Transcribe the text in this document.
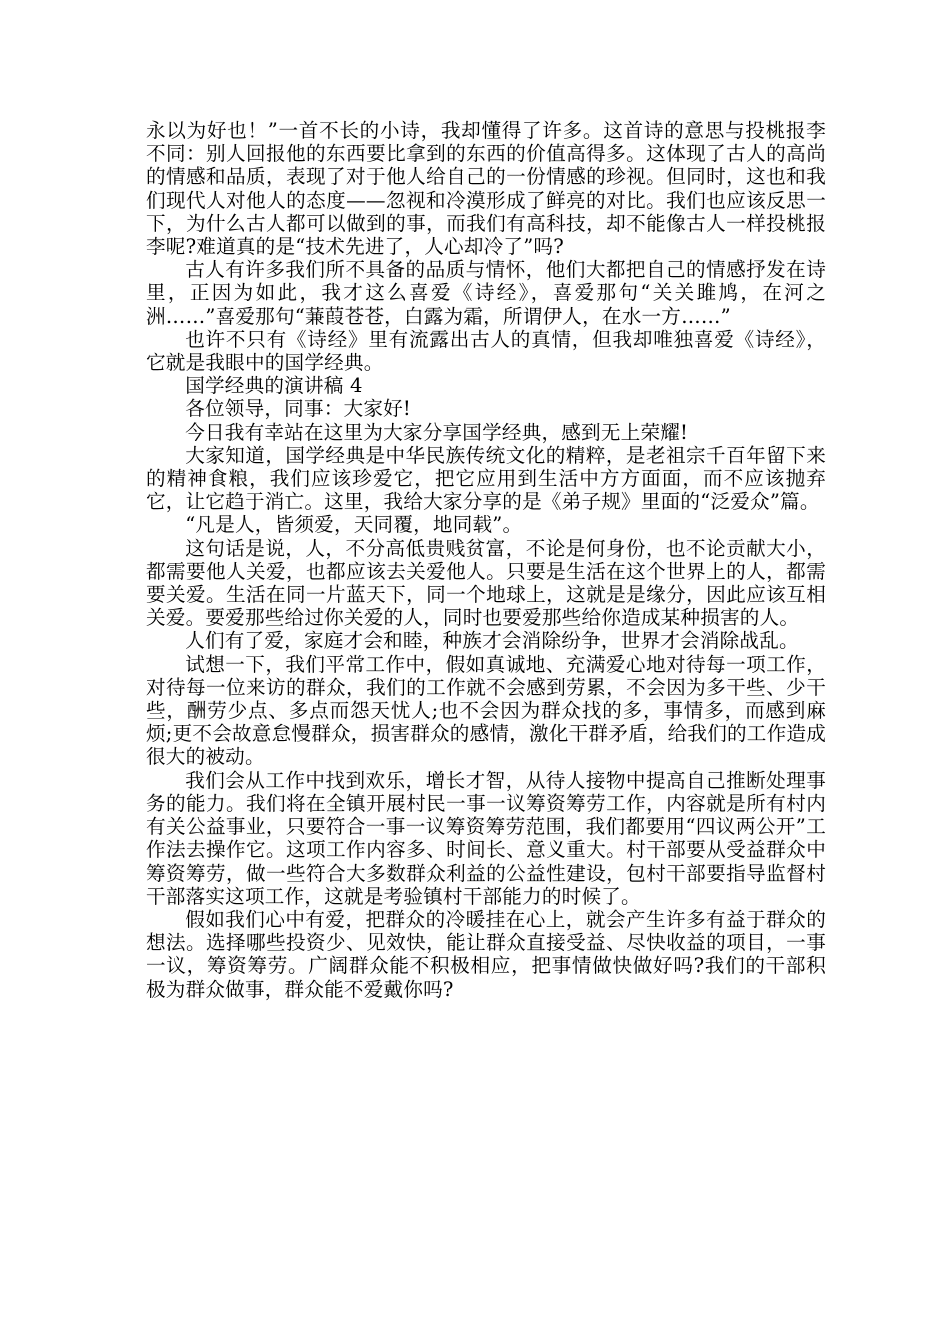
永以为好也！”一首不长的小诗，我却懂得了许多。这首诗的意思与投桃报李不同：别人回报他的东西要比拿到的东西的价值高得多。这体现了古人的高尚的情感和品质，表现了对于他人给自己的一份情感的珍视。但同时，这也和我们现代人对他人的态度——忽视和冷漠形成了鲜亮的对比。我们也应该反思一下，为什么古人都可以做到的事，而我们有高科技，却不能像古人一样投桃报李呢?难道真的是“技术先进了，人心却冷了”吗?

古人有许多我们所不具备的品质与情怀，他们大都把自己的情感抒发在诗里，正因为如此，我才这么喜爱《诗经》，喜爱那句“关关雎鸠，在河之洲……”喜爱那句“蒹葭苍苍，白露为霜，所谓伊人，在水一方……”

也许不只有《诗经》里有流露出古人的真情，但我却唯独喜爱《诗经》，它就是我眼中的国学经典。

国学经典的演讲稿 4

各位领导，同事：大家好!

今日我有幸站在这里为大家分享国学经典，感到无上荣耀!

大家知道，国学经典是中华民族传统文化的精粹，是老祖宗千百年留下来的精神食粮，我们应该珍爱它，把它应用到生活中方方面面，而不应该抛弃它，让它趋于消亡。这里，我给大家分享的是《弟子规》里面的“泛爱众”篇。

“凡是人，皆须爱，天同覆，地同载”。

这句话是说，人，不分高低贵贱贫富，不论是何身份，也不论贡献大小，都需要他人关爱，也都应该去关爱他人。只要是生活在这个世界上的人，都需要关爱。生活在同一片蓝天下，同一个地球上，这就是是缘分，因此应该互相关爱。要爱那些给过你关爱的人，同时也要爱那些给你造成某种损害的人。

人们有了爱，家庭才会和睦，种族才会消除纷争，世界才会消除战乱。

试想一下，我们平常工作中，假如真诚地、充满爱心地对待每一项工作，对待每一位来访的群众，我们的工作就不会感到劳累，不会因为多干些、少干些，酬劳少点、多点而怨天忧人;也不会因为群众找的多，事情多，而感到麻烦;更不会故意怠慢群众，损害群众的感情，激化干群矛盾，给我们的工作造成很大的被动。

我们会从工作中找到欢乐，增长才智，从待人接物中提高自己推断处理事务的能力。我们将在全镇开展村民一事一议筹资筹劳工作，内容就是所有村内有关公益事业，只要符合一事一议筹资筹劳范围，我们都要用“四议两公开”工作法去操作它。这项工作内容多、时间长、意义重大。村干部要从受益群众中筹资筹劳，做一些符合大多数群众利益的公益性建设，包村干部要指导监督村干部落实这项工作，这就是考验镇村干部能力的时候了。

假如我们心中有爱，把群众的冷暖挂在心上，就会产生许多有益于群众的想法。选择哪些投资少、见效快，能让群众直接受益、尽快收益的项目，一事一议，筹资筹劳。广阔群众能不积极相应，把事情做快做好吗?我们的干部积极为群众做事，群众能不爱戴你吗?
